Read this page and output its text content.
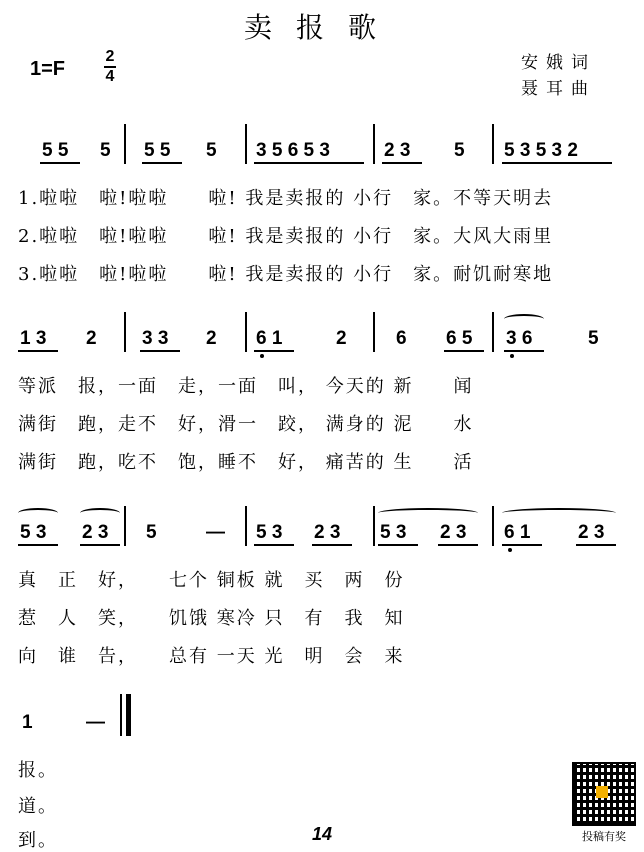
卖报歌
1=F
2
4
安娥词
聂耳曲
5 5 5 5 5 5 3 5 6 5 3	2 3 5 5 3 5 3 2
1.啦啦　啦!啦啦　　啦! 我是卖报的 小行　家。不等天明去
2.啦啦　啦!啦啦　　啦! 我是卖报的 小行　家。大风大雨里
3.啦啦　啦!啦啦　　啦! 我是卖报的 小行　家。耐饥耐寒地
1 3 2 3 3 2 6 1	2	6 6 5 3 6	5
等派　报，一面　走，一面　叫， 今天的 新　　闻
满街　跑，走不　好，滑一　跤， 满身的 泥　　水
满街　跑，吃不　饱，睡不　好， 痛苦的 生　　活
5 3 2 3 5	— 5 3 2 3 5 3 2 3 6 1	2 3
真　正　好，　　七个 铜板 就　买　两　份
惹　人　笑，　　饥饿 寒冷 只　有　我　知
向　谁　告，　　总有 一天 光　明　会　来
1	—
报。
道。
到。	14	投稿有奖
